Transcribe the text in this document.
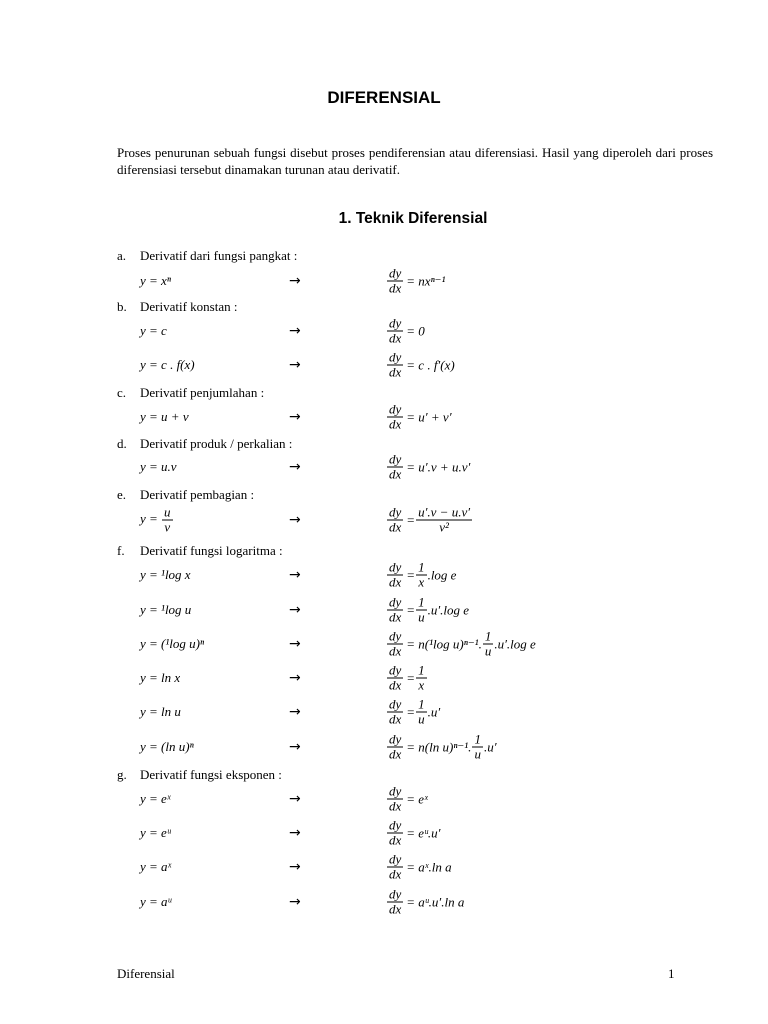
DIFERENSIAL

Proses penurunan sebuah fungsi disebut proses pendiferensian atau diferensiasi. Hasil yang diperoleh dari proses diferensiasi tersebut dinamakan turunan atau derivatif.

1. Teknik Diferensial
a. Derivatif dari fungsi pangkat :
b. Derivatif konstan :
c. Derivatif penjumlahan :
d. Derivatif produk / perkalian :
e. Derivatif pembagian :
f. Derivatif fungsi logaritma :
g. Derivatif fungsi eksponen :
y = xⁿ	→	$\frac{dy}{dx} = nx^{n-1}$
y = c	→	$\frac{dy}{dx} = 0$
y = c . f(x)	→	$\frac{dy}{dx} = c$ . f′(x)
y = u + v	→	$\frac{dy}{dx} = u' + v'$
y = u.v	→	$\frac{dy}{dx} = u'.v + u.v'$
$y = \frac{u}{v}$	→	$\frac{dy}{dx} = \frac{u'.v - u.v'}{\text{v²}}$
y = ¹log x	→	$\frac{dy}{dx} = \frac{1}{x} .\log$ e
y = ¹log u	→	$\frac{dy}{dx} = \frac{1}{u} .u'.\log$ e
y = (¹log u)ⁿ	→	$\frac{dy}{dx} = n(^1\log$ u)ⁿ⁻¹. $\frac{1}{u} .u'.\log$ e
y = ln x	→	$\frac{dy}{dx} = \frac{1}{x}$
y = ln u	→	$\frac{dy}{dx} = \frac{1}{u} .u'$
y = (ln u)ⁿ	→	$\frac{dy}{dx} = n(\ln$ u)ⁿ⁻¹. $\frac{1}{u} .u'$
y = eˣ	→	$\frac{dy}{dx}$ = eˣ
y = eᵘ	→	$\frac{dy}{dx}$ = eᵘ.u′
y = aˣ	→	$\frac{dy}{dx}$ = aˣ.ln a
y = aᵘ	→	$\frac{dy}{dx}$ = aᵘ.u′.ln a
Diferensial	1
